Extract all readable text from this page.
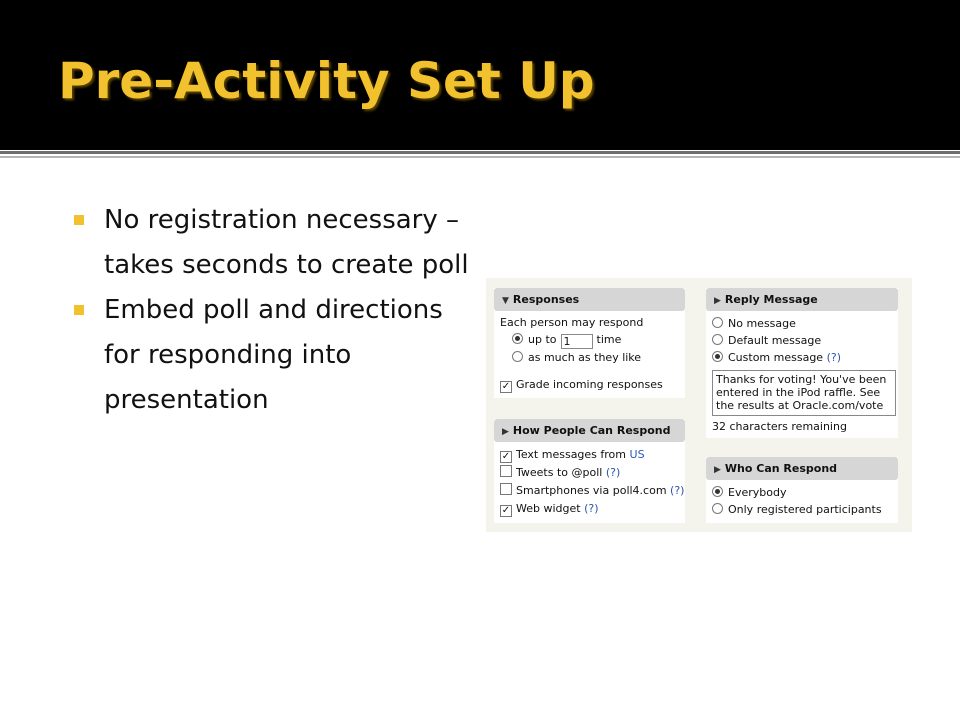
Pre-Activity Set Up
No registration necessary – takes seconds to create poll
Embed poll and directions for responding into presentation
▼ Responses
Each person may respond
up to 1 time
as much as they like
✓ Grade incoming responses
▶ How People Can Respond
✓ Text messages from US
Tweets to @poll (?)
Smartphones via poll4.com (?)
✓ Web widget (?)
▶ Reply Message
No message
Default message
Custom message (?)
Thanks for voting! You've been entered in the iPod raffle. See the results at Oracle.com/vote
32 characters remaining
▶ Who Can Respond
Everybody
Only registered participants
